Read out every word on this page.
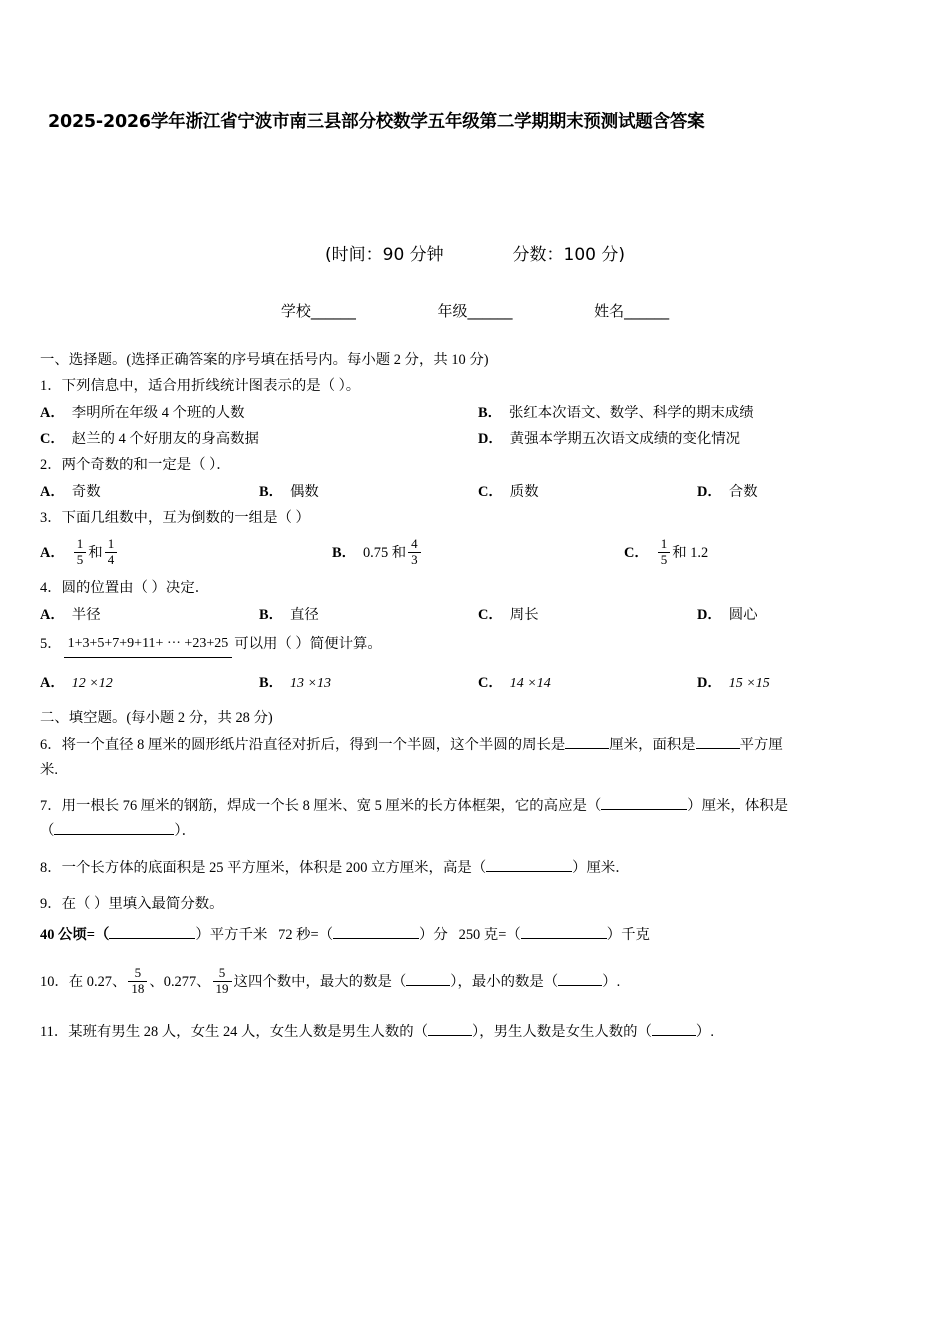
2025-2026学年浙江省宁波市南三县部分校数学五年级第二学期期末预测试题含答案
(时间：90 分钟	分数：100 分)
学校______	年级______	姓名______
一、选择题。(选择正确答案的序号填在括号内。每小题 2 分，共 10 分)
1．下列信息中，适合用折线统计图表示的是（ ）。
A． 李明所在年级 4 个班的人数	B． 张红本次语文、数学、科学的期末成绩
C． 赵兰的 4 个好朋友的身高数据	D． 黄强本学期五次语文成绩的变化情况
2．两个奇数的和一定是（ ）．
A． 奇数	B． 偶数	C． 质数	D． 合数
3．下面几组数中，互为倒数的一组是（ ）
A． $\frac{1}{5}$ 和 $\frac{1}{4}$	B． 0.75 和 $\frac{4}{3}$	C． $\frac{1}{5}$ 和 1.2
4．圆的位置由（ ）决定．
A． 半径	B． 直径	C． 周长	D． 圆心
5． 1+3+5+7+9+11+ ··· +23+25 可以用（ ）简便计算。
A． 12 ×12	B． 13 ×13	C． 14 ×14	D． 15 ×15
二、填空题。(每小题 2 分，共 28 分)
6．将一个直径 8 厘米的圆形纸片沿直径对折后，得到一个半圆，这个半圆的周长是	厘米，面积是	平方厘
米.
7．用一根长 76 厘米的钢筋，焊成一个长 8 厘米、宽 5 厘米的长方体框架，它的高应是（	）厘米，体积是
（	）．
8．一个长方体的底面积是 25 平方厘米，体积是 200 立方厘米，高是（	）厘米．
9．在（ ）里填入最简分数。
40 公顷=（	）平方千米 72 秒=（	）分 250 克=（	）千克
10．在 0.27、 $\frac{5}{18}$ 、0.277、 $\frac{5}{19}$ 这四个数中，最大的数是（	），最小的数是（	）.
11．某班有男生 28 人，女生 24 人，女生人数是男生人数的（	），男生人数是女生人数的（	）.
